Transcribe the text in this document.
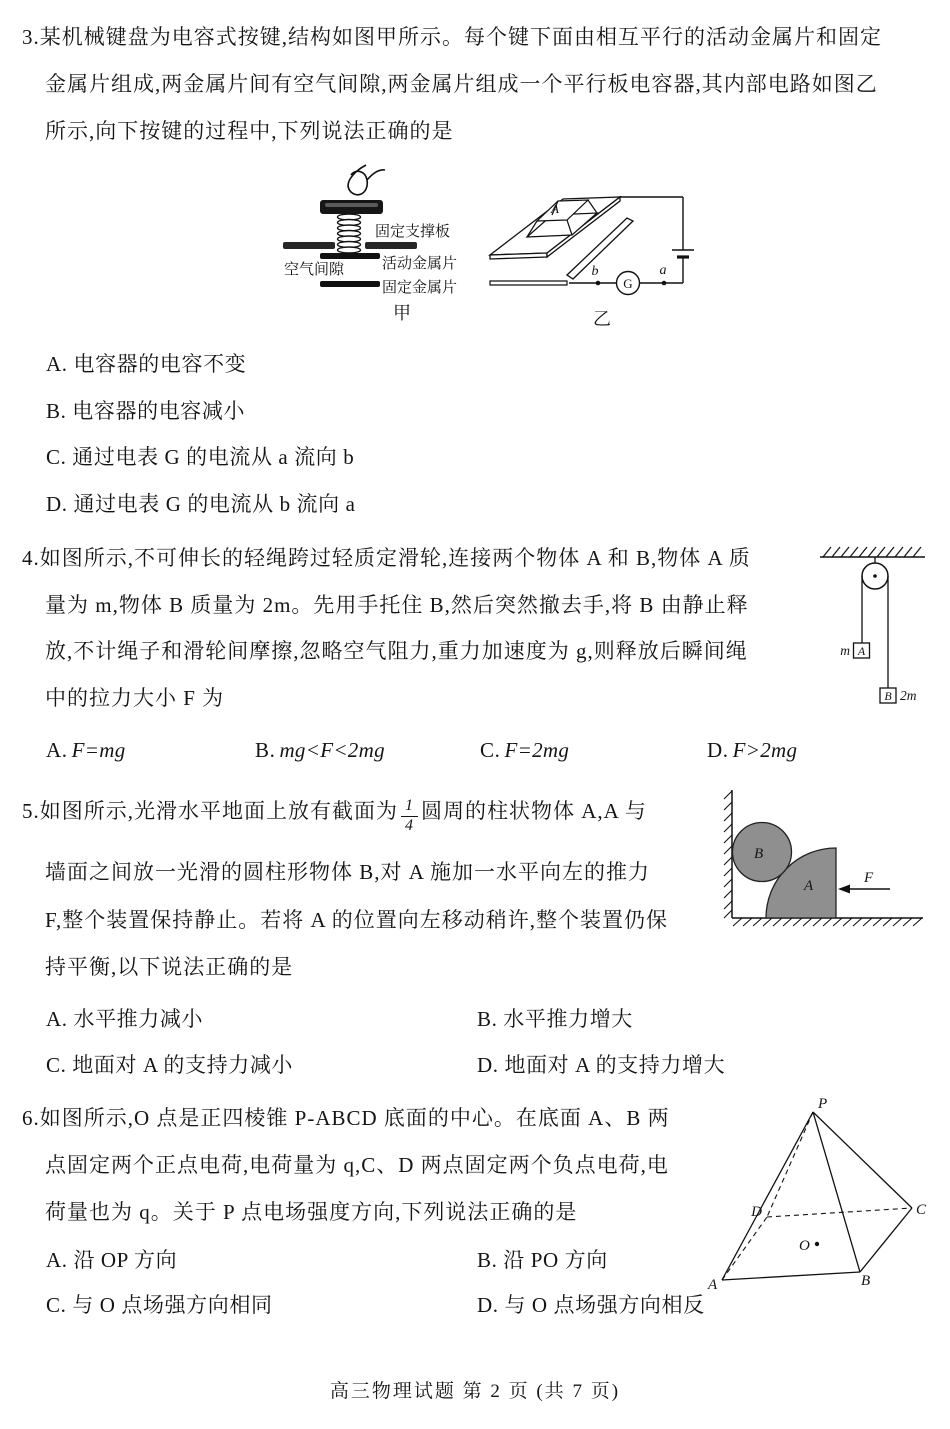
3.某机械键盘为电容式按键,结构如图甲所示。每个键下面由相互平行的活动金属片和固定
金属片组成,两金属片间有空气间隙,两金属片组成一个平行板电容器,其内部电路如图乙
所示,向下按键的过程中,下列说法正确的是
固定支撑板
空气间隙	活动金属片
固定金属片
甲
A
G
b	a
乙
A. 电容器的电容不变
B. 电容器的电容减小
C. 通过电表 G 的电流从 a 流向 b
D. 通过电表 G 的电流从 b 流向 a
4.如图所示,不可伸长的轻绳跨过轻质定滑轮,连接两个物体 A 和 B,物体 A 质
量为 m,物体 B 质量为 2m。先用手托住 B,然后突然撤去手,将 B 由静止释
放,不计绳子和滑轮间摩擦,忽略空气阻力,重力加速度为 g,则释放后瞬间绳
中的拉力大小 F 为
A
m
B 2m
A. F=mg	B. mg<F<2mg	C. F=2mg	D. F>2mg
5.如图所示,光滑水平地面上放有截面为 $\frac{1}{4}$ 圆周的柱状物体 A,A 与
墙面之间放一光滑的圆柱形物体 B,对 A 施加一水平向左的推力
F,整个装置保持静止。若将 A 的位置向左移动稍许,整个装置仍保
持平衡,以下说法正确的是
B
A	F
A. 水平推力减小	B. 水平推力增大
C. 地面对 A 的支持力减小	D. 地面对 A 的支持力增大
6.如图所示,O 点是正四棱锥 P-ABCD 底面的中心。在底面 A、B 两
点固定两个正点电荷,电荷量为 q,C、D 两点固定两个负点电荷,电
荷量也为 q。关于 P 点电场强度方向,下列说法正确的是
P
A	B
C
D
O
A. 沿 OP 方向	B. 沿 PO 方向
C. 与 O 点场强方向相同	D. 与 O 点场强方向相反
高三物理试题 第 2 页 (共 7 页)
